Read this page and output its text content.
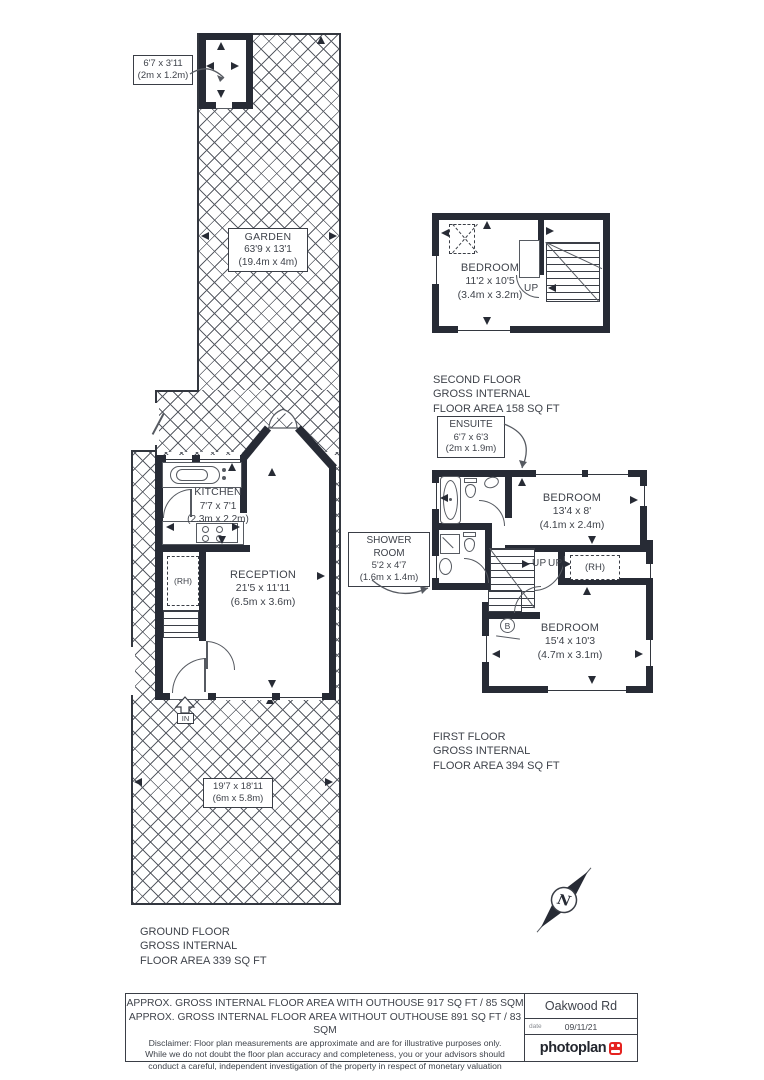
6'7 x 3'11
(2m x 1.2m)
GARDEN
63'9 x 13'1
(19.4m x 4m)
KITCHEN
7'7 x 7'1
(2.3m x 2.2m)
(RH)	RECEPTION
21'5 x 11'11
(6.5m x 3.6m)
IN
19'7 x 18'11
(6m x 5.8m)
GROUND FLOOR
GROSS INTERNAL
FLOOR AREA 339 SQ FT
UP
BEDROOM
11'2 x 10'5
(3.4m x 3.2m)
SECOND FLOOR
GROSS INTERNAL
FLOOR AREA 158 SQ FT
UP UP (RH)
B
BEDROOM
13'4 x 8'
(4.1m x 2.4m)
BEDROOM
15'4 x 10'3
(4.7m x 3.1m)
ENSUITE
6'7 x 6'3
(2m x 1.9m)
SHOWER ROOM
5'2 x 4'7
(1.6m x 1.4m)
FIRST FLOOR
GROSS INTERNAL
FLOOR AREA 394 SQ FT
N
APPROX. GROSS INTERNAL FLOOR AREA WITH OUTHOUSE 917 SQ FT / 85 SQM
APPROX. GROSS INTERNAL FLOOR AREA WITHOUT OUTHOUSE 891 SQ FT / 83 SQM
Disclaimer: Floor plan measurements are approximate and are for illustrative purposes only.
While we do not doubt the floor plan accuracy and completeness, you or your advisors should
conduct a careful, independent investigation of the property in respect of monetary valuation
Oakwood Rd
date	09/11/21
photoplan
